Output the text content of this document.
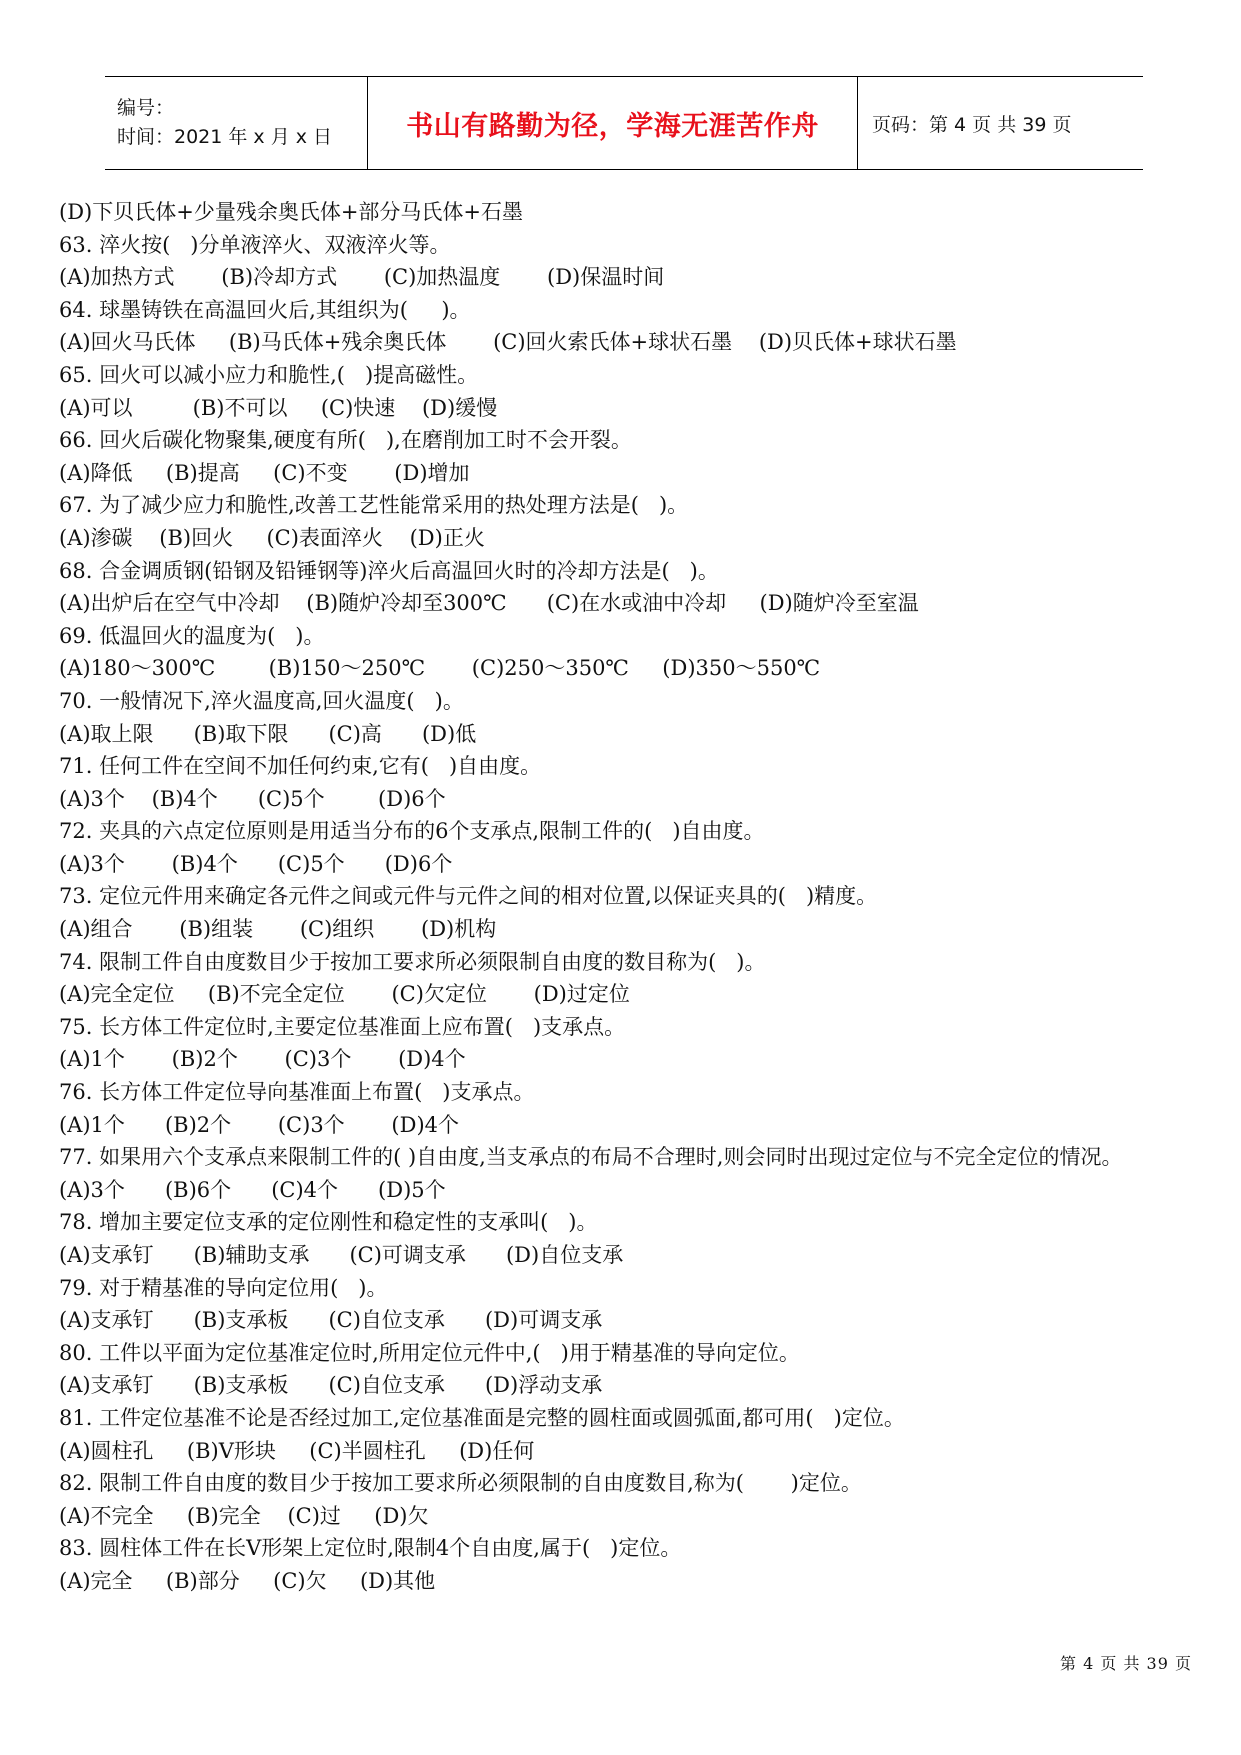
编号：
时间：2021 年 x 月 x 日	书山有路勤为径，学海无涯苦作舟	页码：第 4 页 共 39 页
(D)下贝氏体+少量残余奥氏体+部分马氏体+石墨
63. 淬火按(   )分单液淬火、双液淬火等。
(A)加热方式       (B)冷却方式       (C)加热温度       (D)保温时间
64. 球墨铸铁在高温回火后,其组织为(     )。
(A)回火马氏体     (B)马氏体+残余奥氏体       (C)回火索氏体+球状石墨    (D)贝氏体+球状石墨
65. 回火可以减小应力和脆性,(   )提高磁性。
(A)可以         (B)不可以     (C)快速    (D)缓慢
66. 回火后碳化物聚集,硬度有所(   ),在磨削加工时不会开裂。
(A)降低     (B)提高     (C)不变       (D)增加
67. 为了减少应力和脆性,改善工艺性能常采用的热处理方法是(   )。
(A)渗碳    (B)回火     (C)表面淬火    (D)正火
68. 合金调质钢(铅钢及铅锤钢等)淬火后高温回火时的冷却方法是(   )。
(A)出炉后在空气中冷却    (B)随炉冷却至300℃      (C)在水或油中冷却     (D)随炉冷至室温
69. 低温回火的温度为(   )。
(A)180～300℃        (B)150～250℃       (C)250～350℃     (D)350～550℃
70. 一般情况下,淬火温度高,回火温度(   )。
(A)取上限      (B)取下限      (C)高      (D)低
71. 任何工件在空间不加任何约束,它有(   )自由度。
(A)3个    (B)4个      (C)5个        (D)6个
72. 夹具的六点定位原则是用适当分布的6个支承点,限制工件的(   )自由度。
(A)3个       (B)4个      (C)5个      (D)6个
73. 定位元件用来确定各元件之间或元件与元件之间的相对位置,以保证夹具的(   )精度。
(A)组合       (B)组装       (C)组织       (D)机构
74. 限制工件自由度数目少于按加工要求所必须限制自由度的数目称为(   )。
(A)完全定位     (B)不完全定位       (C)欠定位       (D)过定位
75. 长方体工件定位时,主要定位基准面上应布置(   )支承点。
(A)1个       (B)2个       (C)3个       (D)4个
76. 长方体工件定位导向基准面上布置(   )支承点。
(A)1个      (B)2个       (C)3个       (D)4个
77. 如果用六个支承点来限制工件的( )自由度,当支承点的布局不合理时,则会同时出现过定位与不完全定位的情况。
(A)3个      (B)6个      (C)4个      (D)5个
78. 增加主要定位支承的定位刚性和稳定性的支承叫(   )。
(A)支承钉      (B)辅助支承      (C)可调支承      (D)自位支承
79. 对于精基准的导向定位用(   )。
(A)支承钉      (B)支承板      (C)自位支承      (D)可调支承
80. 工件以平面为定位基准定位时,所用定位元件中,(   )用于精基准的导向定位。
(A)支承钉      (B)支承板      (C)自位支承      (D)浮动支承
81. 工件定位基准不论是否经过加工,定位基准面是完整的圆柱面或圆弧面,都可用(   )定位。
(A)圆柱孔     (B)V形块     (C)半圆柱孔     (D)任何
82. 限制工件自由度的数目少于按加工要求所必须限制的自由度数目,称为(       )定位。
(A)不完全     (B)完全    (C)过     (D)欠
83. 圆柱体工件在长V形架上定位时,限制4个自由度,属于(   )定位。
(A)完全     (B)部分     (C)欠     (D)其他
第 4 页 共 39 页
